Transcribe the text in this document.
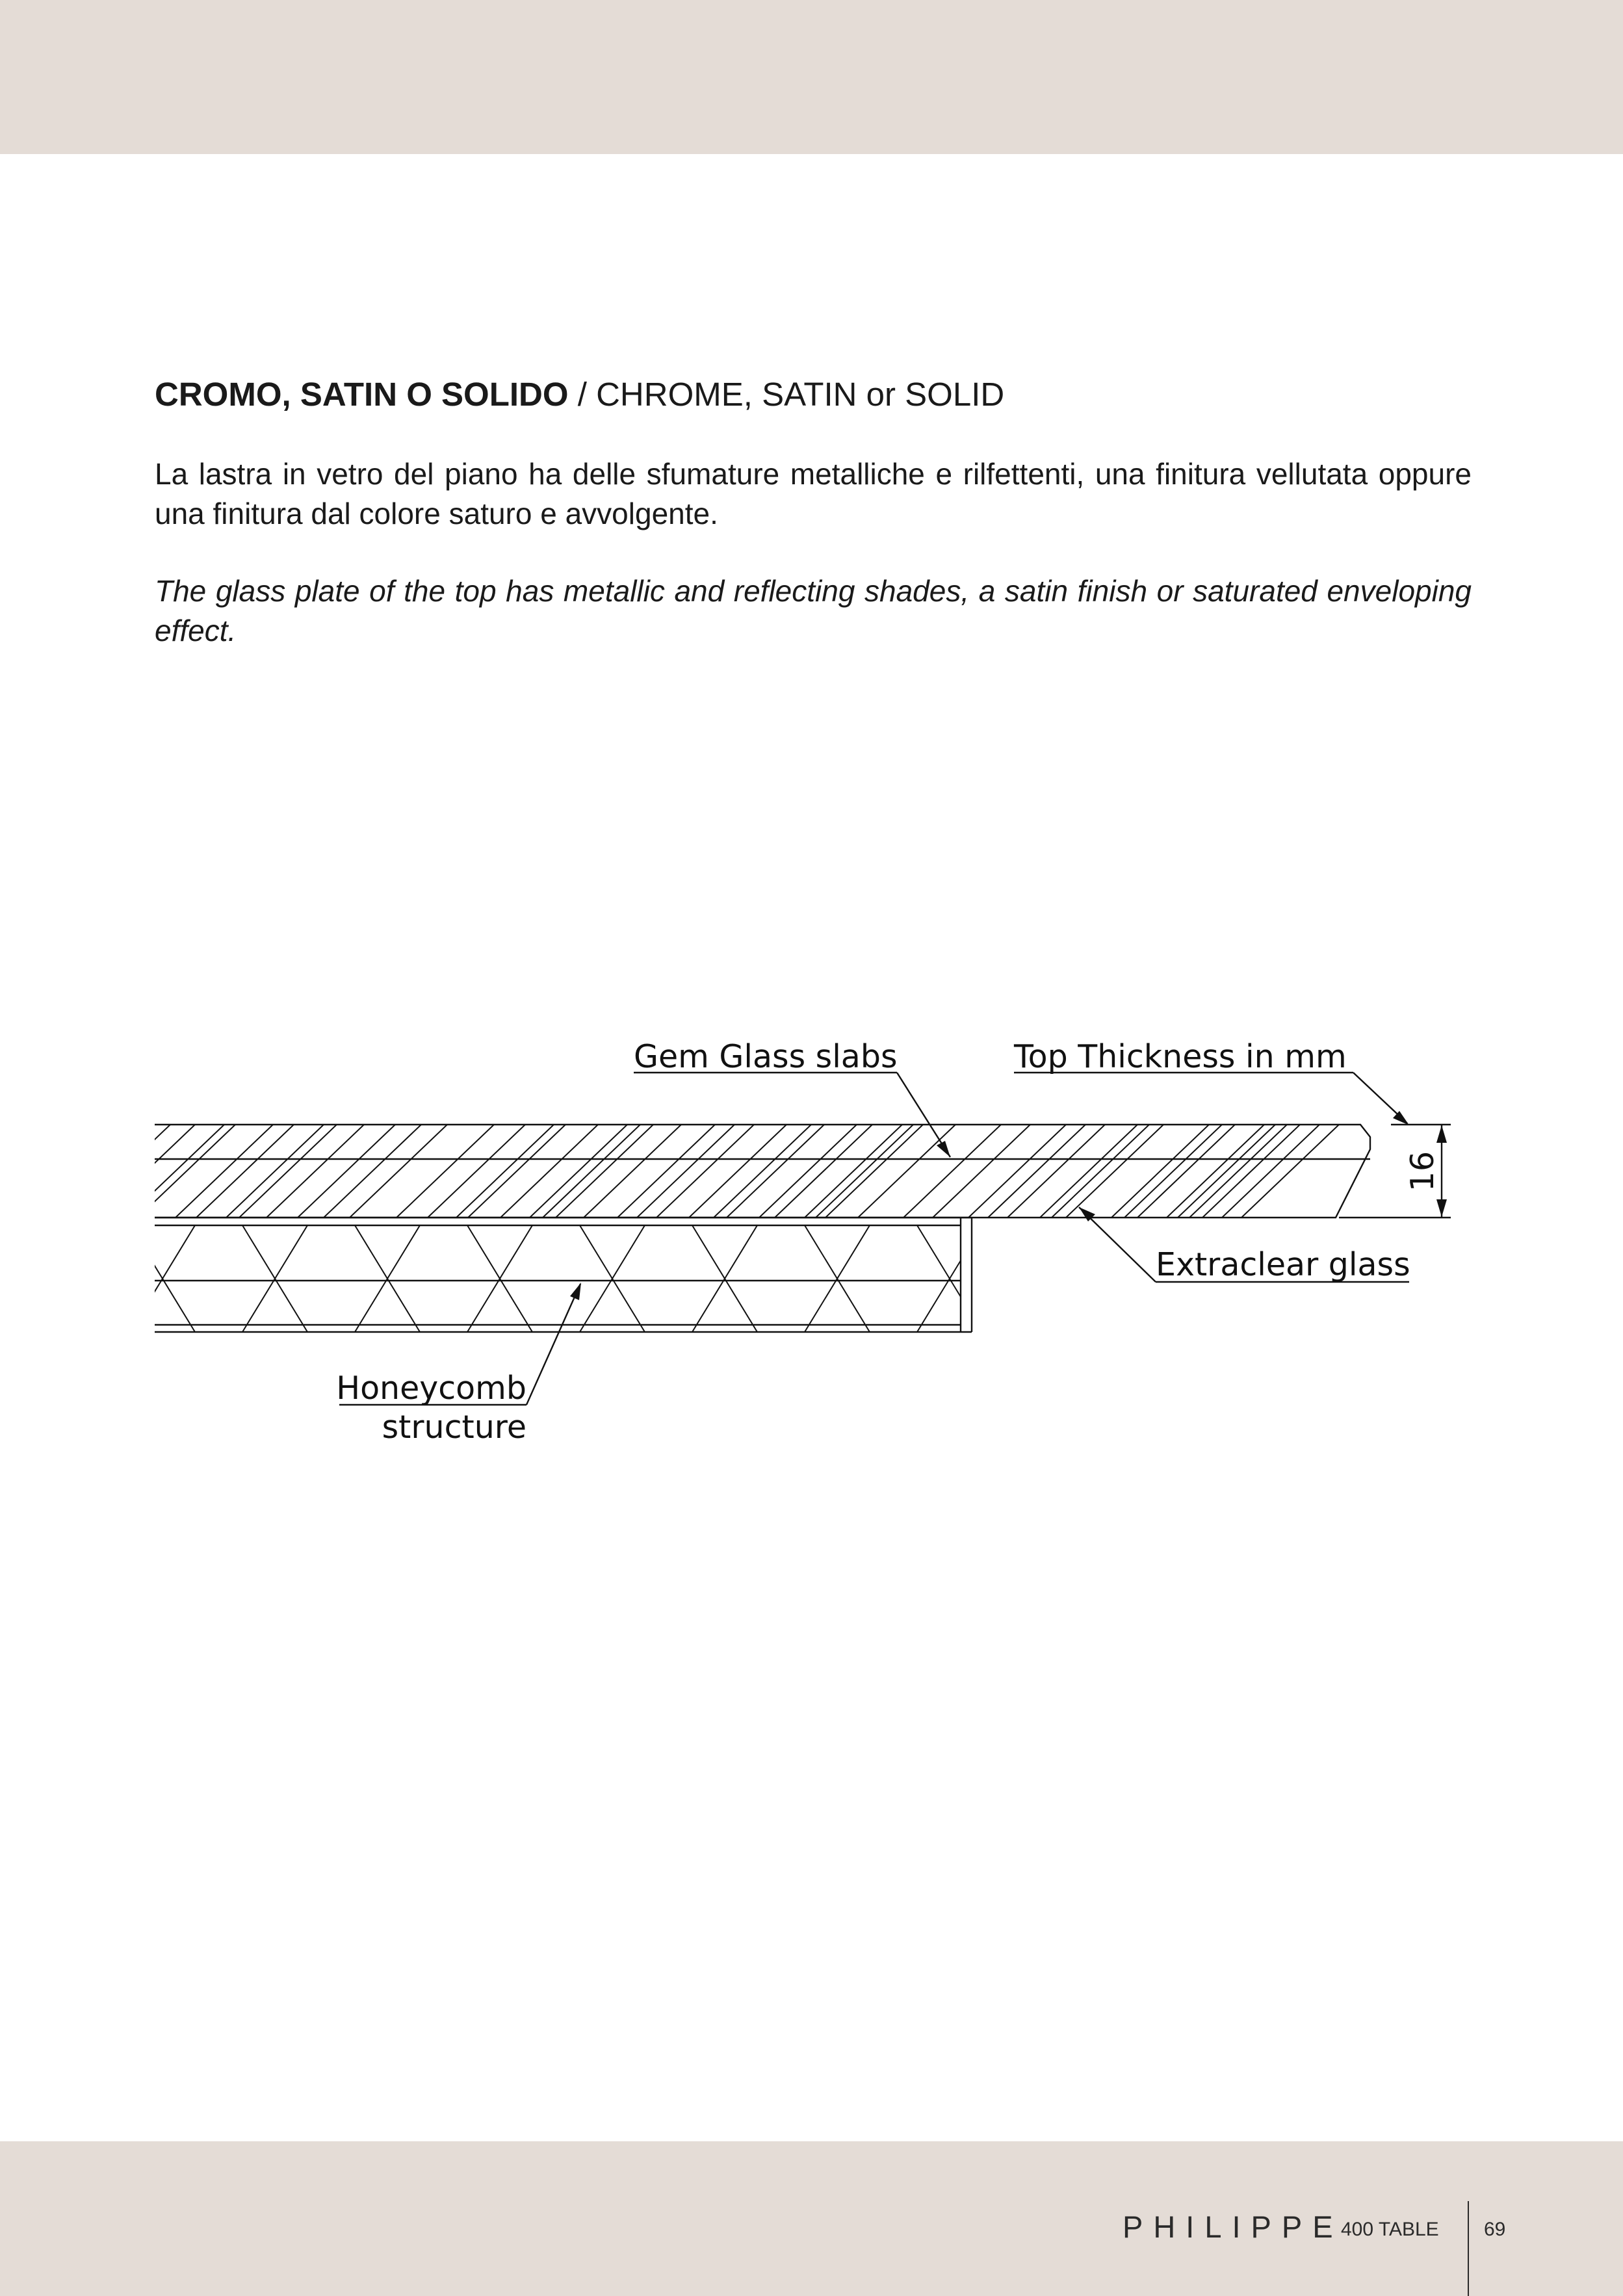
CROMO, SATIN O SOLIDO / CHROME, SATIN or SOLID

La lastra in vetro del piano ha delle sfumature metalliche e rilfettenti, una finitura vellutata oppure una finitura dal colore saturo e avvolgente.

The glass plate of the top has metallic and reflecting shades, a satin finish or saturated enveloping effect.

Gem Glass slabs	Top Thickness in mm
16
Extraclear glass
Honeycomb
structure
PHILIPPE
400 TABLE 69
